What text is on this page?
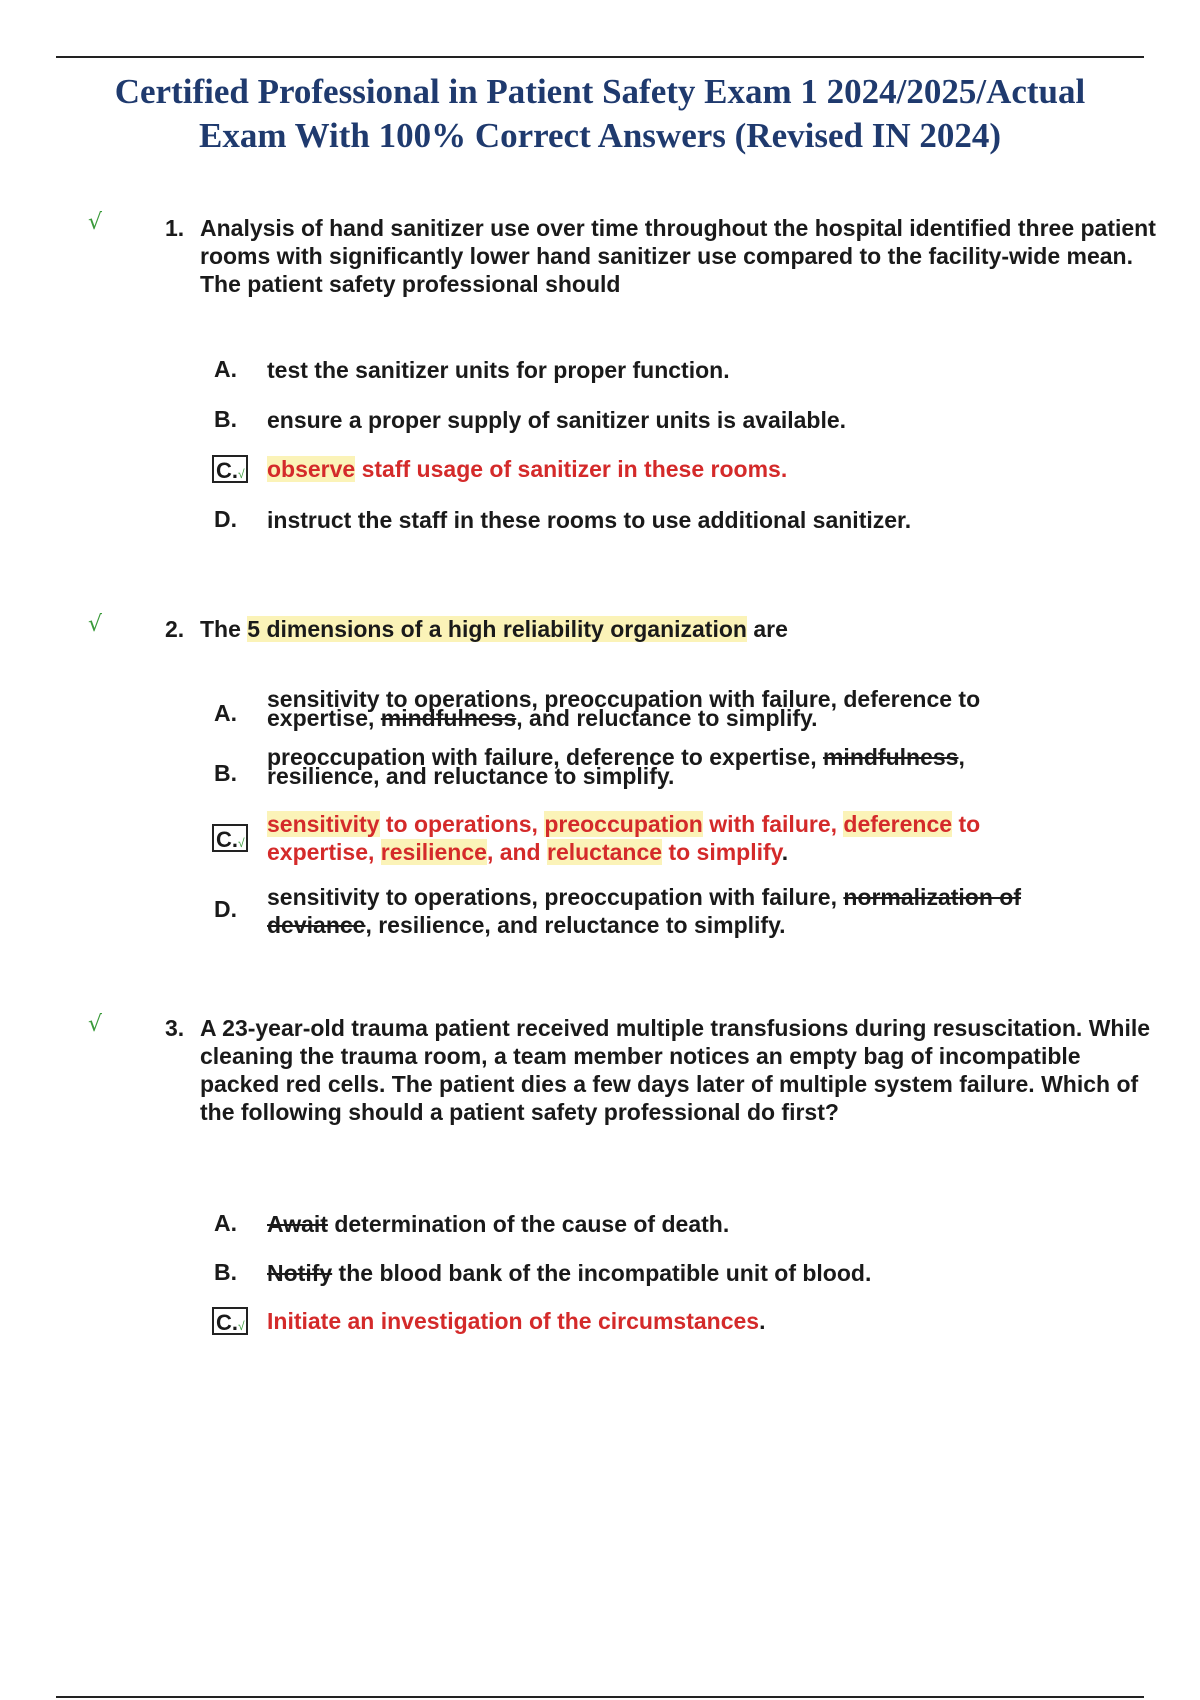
Certified Professional in Patient Safety Exam 1 2024/2025/Actual
Exam With 100% Correct Answers (Revised IN 2024)
√	1. Analysis of hand sanitizer use over time throughout the hospital identified three patient rooms with significantly lower hand sanitizer use compared to the facility-wide mean. The patient safety professional should
A. test the sanitizer units for proper function.
B. ensure a proper supply of sanitizer units is available.
C.√ observe staff usage of sanitizer in these rooms.
D. instruct the staff in these rooms to use additional sanitizer.
√	2. The 5 dimensions of a high reliability organization are
A.
sensitivity to operations, preoccupation with failure, deference to
expertise, mindfulness, and reluctance to simplify.
B.
preoccupation with failure, deference to expertise, mindfulness,
resilience, and reluctance to simplify.
C.√
sensitivity to operations, preoccupation with failure, deference to
expertise, resilience, and reluctance to simplify.
D. sensitivity to operations, preoccupation with failure, normalization of
deviance, resilience, and reluctance to simplify.
√	3. A 23-year-old trauma patient received multiple transfusions during resuscitation. While cleaning the trauma room, a team member notices an empty bag of incompatible packed red cells. The patient dies a few days later of multiple system failure. Which of the following should a patient safety professional do first?
A. Await determination of the cause of death.
B. Notify the blood bank of the incompatible unit of blood.
C.√ Initiate an investigation of the circumstances.
